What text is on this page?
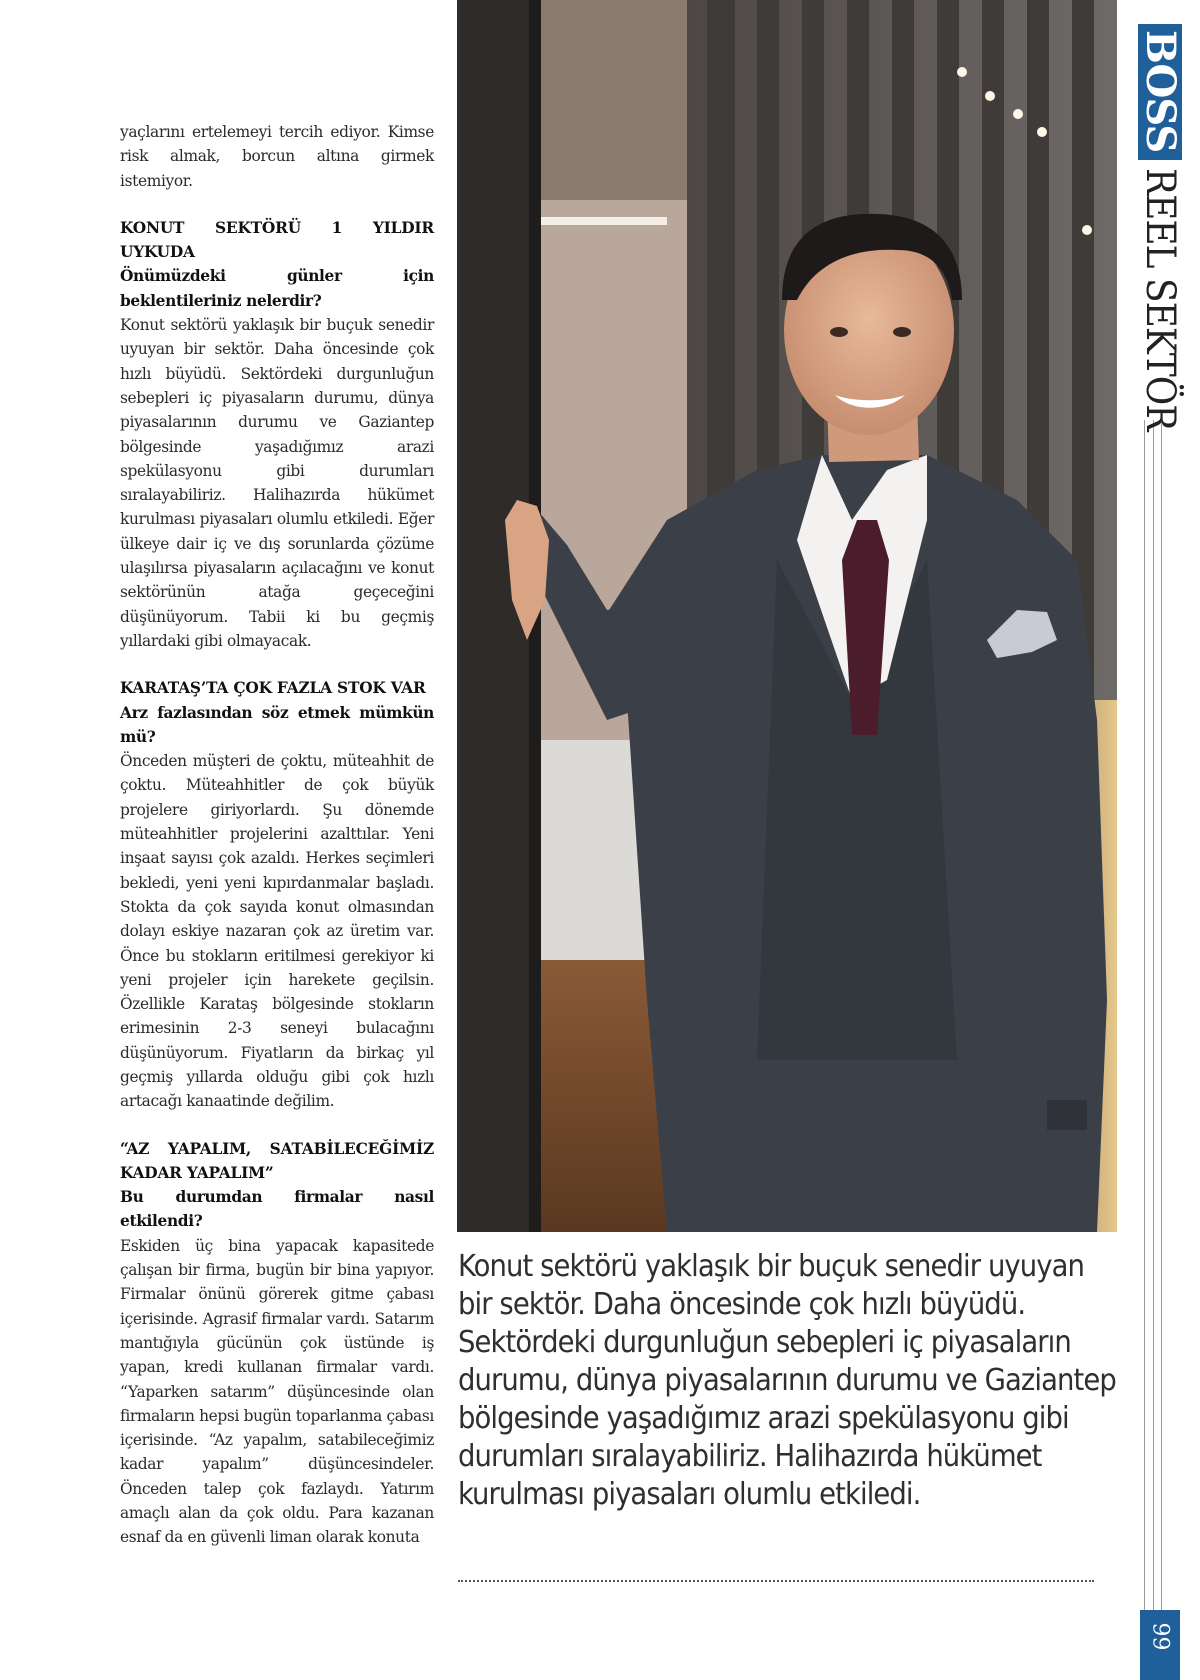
yaçlarını ertelemeyi tercih ediyor. Kimse risk almak, borcun altına girmek istemiyor.

KONUT SEKTÖRÜ 1 YILDIR UYKUDA

Önümüzdeki günler için beklentileriniz nelerdir?

Konut sektörü yaklaşık bir buçuk senedir uyuyan bir sektör. Daha öncesinde çok hızlı büyüdü. Sektördeki durgunluğun sebepleri iç piyasaların durumu, dünya piyasalarının durumu ve Gaziantep bölgesinde yaşadığımız arazi spekülasyonu gibi durumları sıralayabiliriz. Halihazırda hükümet kurulması piyasaları olumlu etkiledi. Eğer ülkeye dair iç ve dış sorunlarda çözüme ulaşılırsa piyasaların açılacağını ve konut sektörünün atağa geçeceğini düşünüyorum. Tabii ki bu geçmiş yıllardaki gibi olmayacak.

KARATAŞ’TA ÇOK FAZLA STOK VAR

Arz fazlasından söz etmek mümkün mü?

Önceden müşteri de çoktu, müteahhit de çoktu. Müteahhitler de çok büyük projelere giriyorlardı. Şu dönemde müteahhitler projelerini azalttılar. Yeni inşaat sayısı çok azaldı. Herkes seçimleri bekledi, yeni yeni kıpırdanmalar başladı. Stokta da çok sayıda konut olmasından dolayı eskiye nazaran çok az üretim var. Önce bu stokların eritilmesi gerekiyor ki yeni projeler için harekete geçilsin. Özellikle Karataş bölgesinde stokların erimesinin 2-3 seneyi bulacağını düşünüyorum. Fiyatların da birkaç yıl geçmiş yıllarda olduğu gibi çok hızlı artacağı kanaatinde değilim.

“AZ YAPALIM, SATABİLECEĞİMİZ KADAR YAPALIM”

Bu durumdan firmalar nasıl etkilendi?

Eskiden üç bina yapacak kapasitede çalışan bir firma, bugün bir bina yapıyor. Firmalar önünü görerek gitme çabası içerisinde. Agrasif firmalar vardı. Satarım mantığıyla gücünün çok üstünde iş yapan, kredi kullanan firmalar vardı. “Yaparken satarım” düşüncesinde olan firmaların hepsi bugün toparlanma çabası içerisinde. “Az yapalım, satabileceğimiz kadar yapalım” düşüncesindeler. Önceden talep çok fazlaydı. Yatırım amaçlı alan da çok oldu. Para kazanan esnaf da en güvenli liman olarak konuta

Konut sektörü yaklaşık bir buçuk senedir uyuyan bir sektör. Daha öncesinde çok hızlı büyüdü. Sektördeki durgunluğun sebepleri iç piyasaların durumu, dünya piyasalarının durumu ve Gaziantep bölgesinde yaşadığımız arazi spekülasyonu gibi durumları sıralayabiliriz. Halihazırda hükümet kurulması piyasaları olumlu etkiledi.
BOSSREEL SEKTÖR
99
